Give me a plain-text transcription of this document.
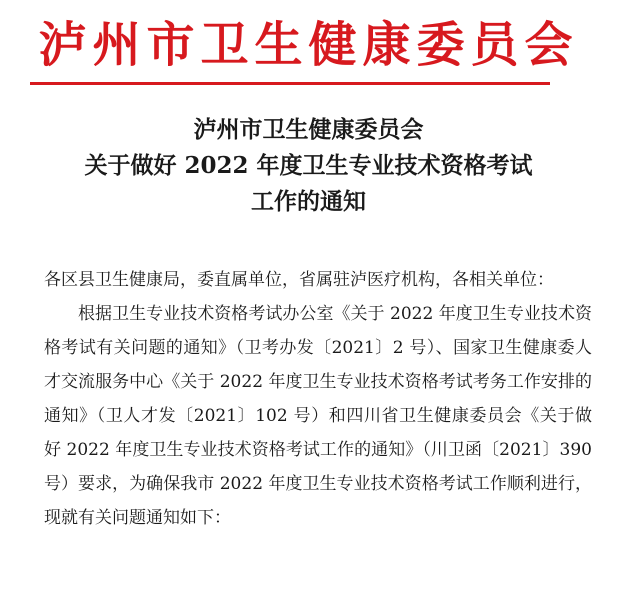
泸州市卫生健康委员会
泸州市卫生健康委员会
关于做好 2022 年度卫生专业技术资格考试
工作的通知

各区县卫生健康局，委直属单位，省属驻泸医疗机构，各相关单位：

根据卫生专业技术资格考试办公室《关于 2022 年度卫生专业技术资格考试有关问题的通知》（卫考办发〔2021〕2 号）、国家卫生健康委人才交流服务中心《关于 2022 年度卫生专业技术资格考试考务工作安排的通知》（卫人才发〔2021〕102 号）和四川省卫生健康委员会《关于做好 2022 年度卫生专业技术资格考试工作的通知》（川卫函〔2021〕390 号）要求，为确保我市 2022 年度卫生专业技术资格考试工作顺利进行，现就有关问题通知如下：
